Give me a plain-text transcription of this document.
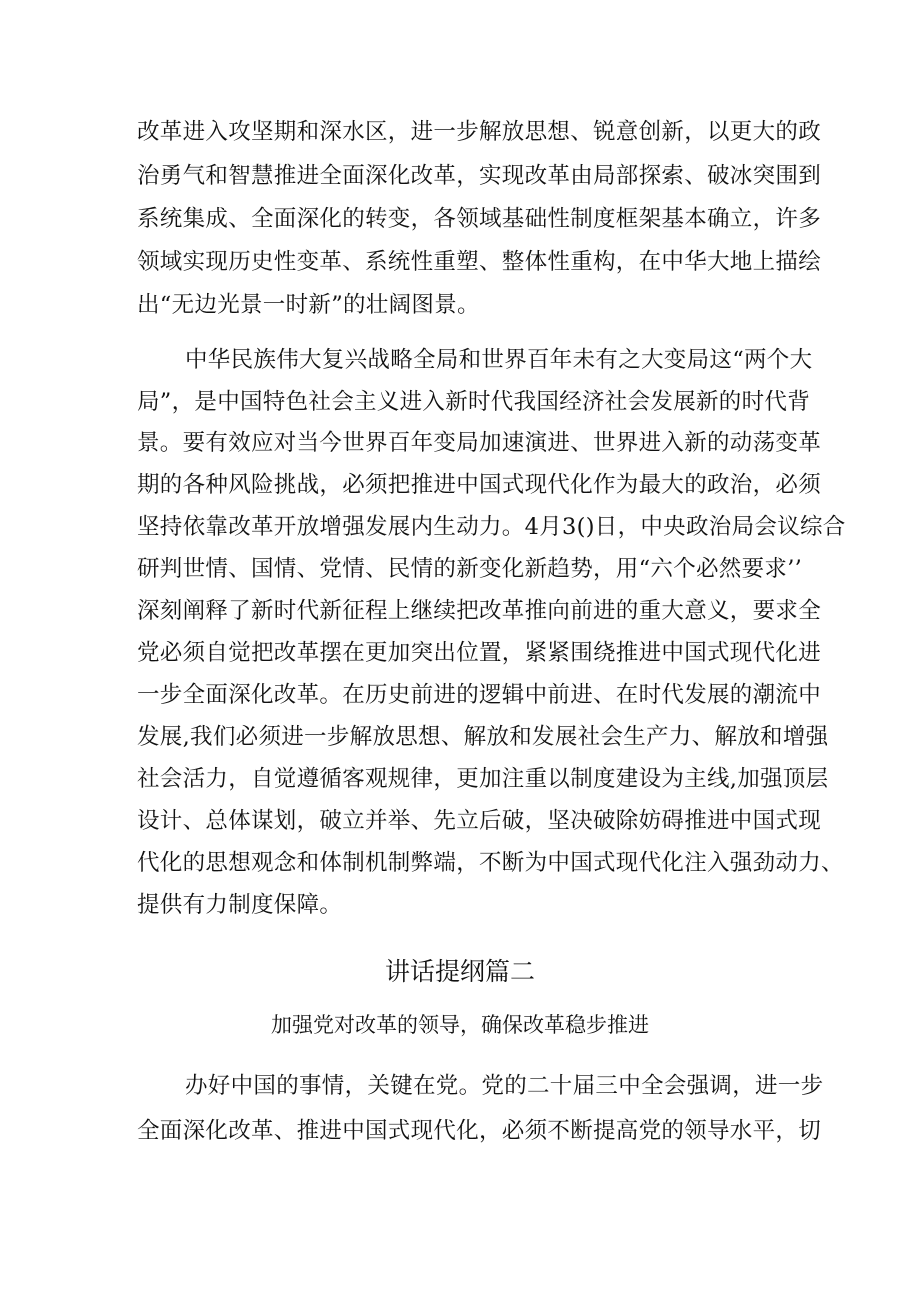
改革进入攻坚期和深水区，进一步解放思想、锐意创新，以更大的政
治勇气和智慧推进全面深化改革，实现改革由局部探索、破冰突围到
系统集成、全面深化的转变，各领域基础性制度框架基本确立，许多
领域实现历史性变革、系统性重塑、整体性重构，在中华大地上描绘
出“无边光景一时新”的壮阔图景。
中华民族伟大复兴战略全局和世界百年未有之大变局这“两个大
局”，是中国特色社会主义进入新时代我国经济社会发展新的时代背
景。要有效应对当今世界百年变局加速演进、世界进入新的动荡变革
期的各种风险挑战，必须把推进中国式现代化作为最大的政治，必须
坚持依靠改革开放增强发展内生动力。4月3()日，中央政治局会议综合
研判世情、国情、党情、民情的新变化新趋势，用“六个必然要求’’
深刻阐释了新时代新征程上继续把改革推向前进的重大意义，要求全
党必须自觉把改革摆在更加突出位置，紧紧围绕推进中国式现代化进
一步全面深化改革。在历史前进的逻辑中前进、在时代发展的潮流中
发展,我们必须进一步解放思想、解放和发展社会生产力、解放和增强
社会活力，自觉遵循客观规律，更加注重以制度建设为主线,加强顶层
设计、总体谋划，破立并举、先立后破，坚决破除妨碍推进中国式现
代化的思想观念和体制机制弊端，不断为中国式现代化注入强劲动力、
提供有力制度保障。
讲话提纲篇二
加强党对改革的领导，确保改革稳步推进
办好中国的事情，关键在党。党的二十届三中全会强调，进一步
全面深化改革、推进中国式现代化，必须不断提高党的领导水平，切
